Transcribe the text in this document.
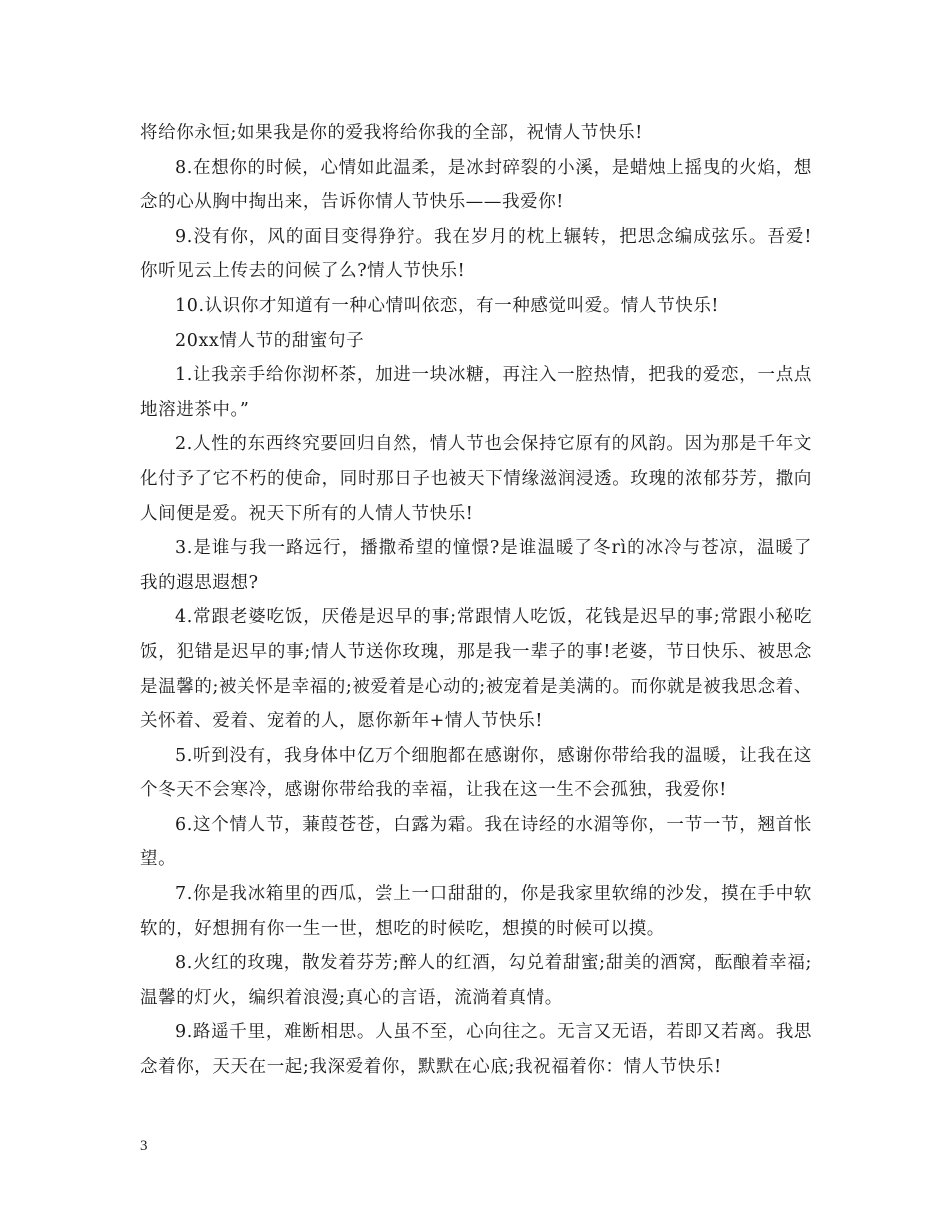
将给你永恒;如果我是你的爱我将给你我的全部，祝情人节快乐!

8.在想你的时候，心情如此温柔，是冰封碎裂的小溪，是蜡烛上摇曳的火焰，想念的心从胸中掏出来，告诉你情人节快乐——我爱你!

9.没有你，风的面目变得狰狞。我在岁月的枕上辗转，把思念编成弦乐。吾爱!你听见云上传去的问候了么?情人节快乐!

10.认识你才知道有一种心情叫依恋，有一种感觉叫爱。情人节快乐!

20xx情人节的甜蜜句子

1.让我亲手给你沏杯茶，加进一块冰糖，再注入一腔热情，把我的爱恋，一点点地溶进茶中。”

2.人性的东西终究要回归自然，情人节也会保持它原有的风韵。因为那是千年文化付予了它不朽的使命，同时那日子也被天下情缘滋润浸透。玫瑰的浓郁芬芳，撒向人间便是爱。祝天下所有的人情人节快乐!

3.是谁与我一路远行，播撒希望的憧憬?是谁温暖了冬rì的冰冷与苍凉，温暖了我的遐思遐想?

4.常跟老婆吃饭，厌倦是迟早的事;常跟情人吃饭，花钱是迟早的事;常跟小秘吃饭，犯错是迟早的事;情人节送你玫瑰，那是我一辈子的事!老婆，节日快乐、被思念是温馨的;被关怀是幸福的;被爱着是心动的;被宠着是美满的。而你就是被我思念着、关怀着、爱着、宠着的人，愿你新年+情人节快乐!

5.听到没有，我身体中亿万个细胞都在感谢你，感谢你带给我的温暖，让我在这个冬天不会寒冷，感谢你带给我的幸福，让我在这一生不会孤独，我爱你!

6.这个情人节，蒹葭苍苍，白露为霜。我在诗经的水湄等你，一节一节，翘首怅望。

7.你是我冰箱里的西瓜，尝上一口甜甜的，你是我家里软绵的沙发，摸在手中软软的，好想拥有你一生一世，想吃的时候吃，想摸的时候可以摸。

8.火红的玫瑰，散发着芬芳;醉人的红酒，勾兑着甜蜜;甜美的酒窝，酝酿着幸福;温馨的灯火，编织着浪漫;真心的言语，流淌着真情。

9.路遥千里，难断相思。人虽不至，心向往之。无言又无语，若即又若离。我思念着你，天天在一起;我深爱着你，默默在心底;我祝福着你：情人节快乐!

3
